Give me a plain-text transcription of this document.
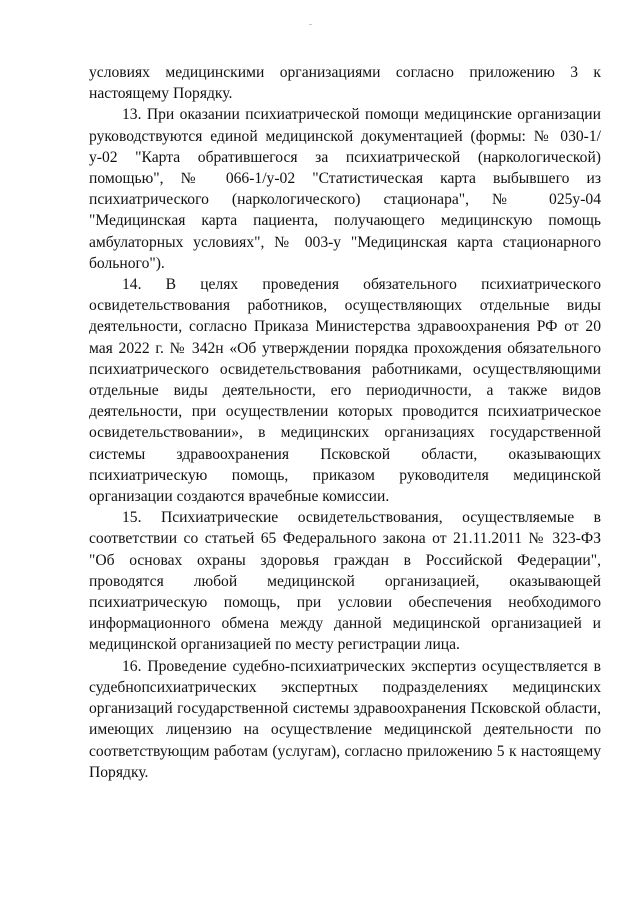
условиях медицинскими организациями согласно приложению 3 к настоящему Порядку.

13. При оказании психиатрической помощи медицинские организации руководствуются единой медицинской документацией (формы: № 030-1/у-02 "Карта обратившегося за психиатрической (наркологической) помощью", № 066-1/у-02 "Статистическая карта выбывшего из психиатрического (наркологического) стационара", № 025у-04 "Медицинская карта пациента, получающего медицинскую помощь амбулаторных условиях", № 003-у "Медицинская карта стационарного больного").

14. В целях проведения обязательного психиатрического освидетельствования работников, осуществляющих отдельные виды деятельности, согласно Приказа Министерства здравоохранения РФ от 20 мая 2022 г. № 342н «Об утверждении порядка прохождения обязательного психиатрического освидетельствования работниками, осуществляющими отдельные виды деятельности, его периодичности, а также видов деятельности, при осуществлении которых проводится психиатрическое освидетельствовании», в медицинских организациях государственной системы здравоохранения Псковской области, оказывающих психиатрическую помощь, приказом руководителя медицинской организации создаются врачебные комиссии.

15. Психиатрические освидетельствования, осуществляемые в соответствии со статьей 65 Федерального закона от 21.11.2011 № 323-ФЗ "Об основах охраны здоровья граждан в Российской Федерации", проводятся любой медицинской организацией, оказывающей психиатрическую помощь, при условии обеспечения необходимого информационного обмена между данной медицинской организацией и медицинской организацией по месту регистрации лица.

16. Проведение судебно-психиатрических экспертиз осуществляется в судебнопсихиатрических экспертных подразделениях медицинских организаций государственной системы здравоохранения Псковской области, имеющих лицензию на осуществление медицинской деятельности по соответствующим работам (услугам), согласно приложению 5 к настоящему Порядку.
